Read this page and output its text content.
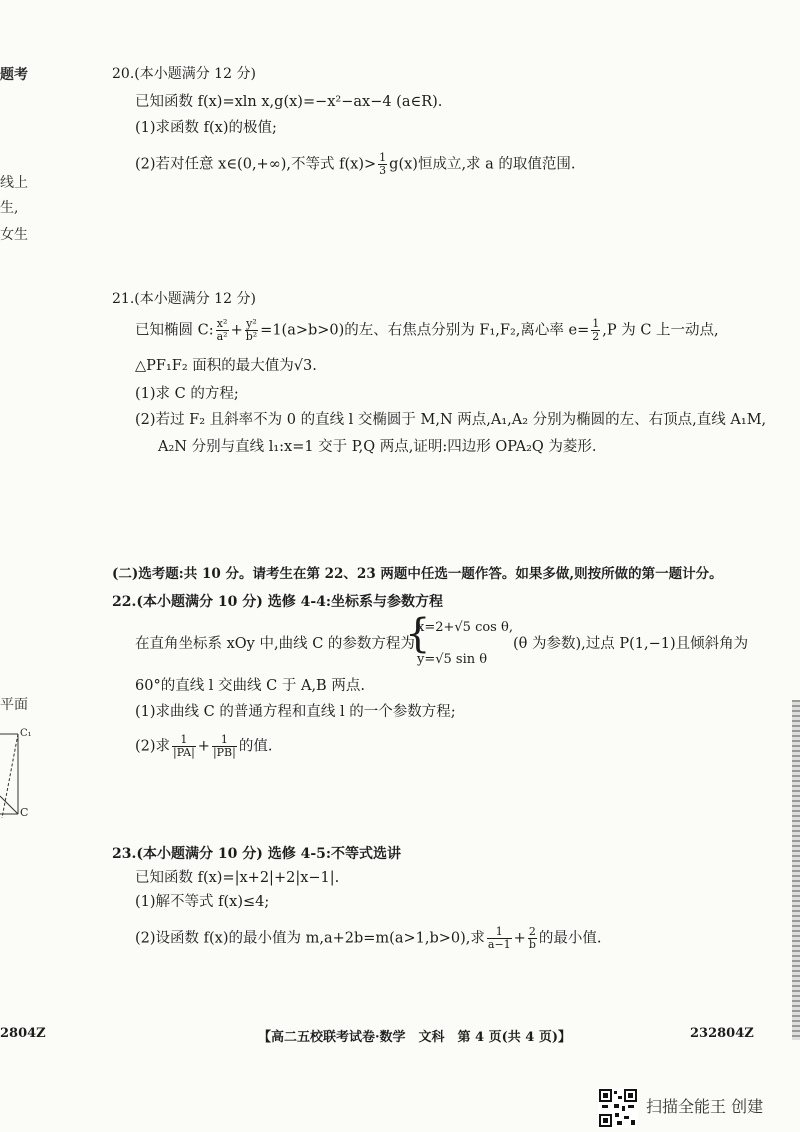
题考
线上
生,
女生
平面
C₁
C
20.(本小题满分 12 分)
已知函数 f(x)=xln x,g(x)=−x²−ax−4 (a∈R).
(1)求函数 f(x)的极值;
(2)若对任意 x∈(0,+∞),不等式 $f(x)> \frac{1}{3} g(x)$恒成立,求 a 的取值范围.
21.(本小题满分 12 分)
已知椭圆 C: $\frac{\text{x²}}{\text{a²}} + \frac{\text{y²}}{\text{b²}} =1(a>b>0)$的左、右焦点分别为 F₁,F₂,离心率 $e= \frac{1}{2} ,P$ 为 C 上一动点,
△PF₁F₂ 面积的最大值为√3.
(1)求 C 的方程;
(2)若过 F₂ 且斜率不为 0 的直线 l 交椭圆于 M,N 两点,A₁,A₂ 分别为椭圆的左、右顶点,直线 A₁M,
A₂N 分别与直线 l₁:x=1 交于 P,Q 两点,证明:四边形 OPA₂Q 为菱形.
(二)选考题:共 10 分。请考生在第 22、23 两题中任选一题作答。如果多做,则按所做的第一题计分。
22.(本小题满分 10 分) 选修 4-4:坐标系与参数方程
在直角坐标系 xOy 中,曲线 C 的参数方程为
{
x=2+√5 cos θ,
y=√5 sin θ
(θ 为参数),过点 P(1,−1)且倾斜角为
60°的直线 l 交曲线 C 于 A,B 两点.
(1)求曲线 C 的普通方程和直线 l 的一个参数方程;
(2)求 $\frac{1}{|PA|} + \frac{1}{|PB|}$ 的值.
23.(本小题满分 10 分) 选修 4-5:不等式选讲
已知函数 f(x)=|x+2|+2|x−1|.
(1)解不等式 f(x)≤4;
(2)设函数 f(x)的最小值为 m,a+2b=m(a>1,b>0),求 $\frac{1}{a-1} + \frac{2}{b}$ 的最小值.
2804Z	【高二五校联考试卷·数学　文科　第 4 页(共 4 页)】	232804Z
扫描全能王 创建
